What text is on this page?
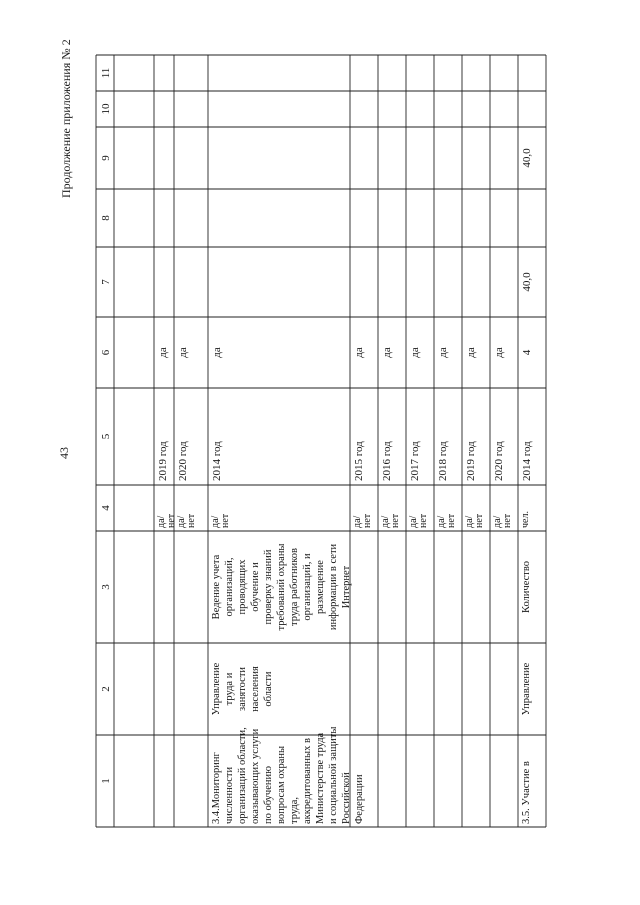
Продолжение приложения № 2
43
1
2
3
4
5
6
7
8
9
10
11
да/ нет
2019 год
да
да/ нет
2020 год
да
3.4.Мониторинг численности организаций области, оказывающих услуги по обучению вопросам охраны труда, аккредитованных в Министерстве труда и социальной защиты Российской Федерации
Управление труда и занятости населения области
Ведение учета организаций, проводящих обучение и проверку знаний требований охраны труда работников организаций, и размещение информации в сети Интернет
да/ нет
2014 год
да
да/ нет
2015 год
да
да/ нет
2016 год
да
да/ нет
2017 год
да
да/ нет
2018 год
да
да/ нет
2019 год
да
да/ нет
2020 год
да
3.5. Участие в
Управление
Количество
чел.
2014 год
4
40,0
40,0
